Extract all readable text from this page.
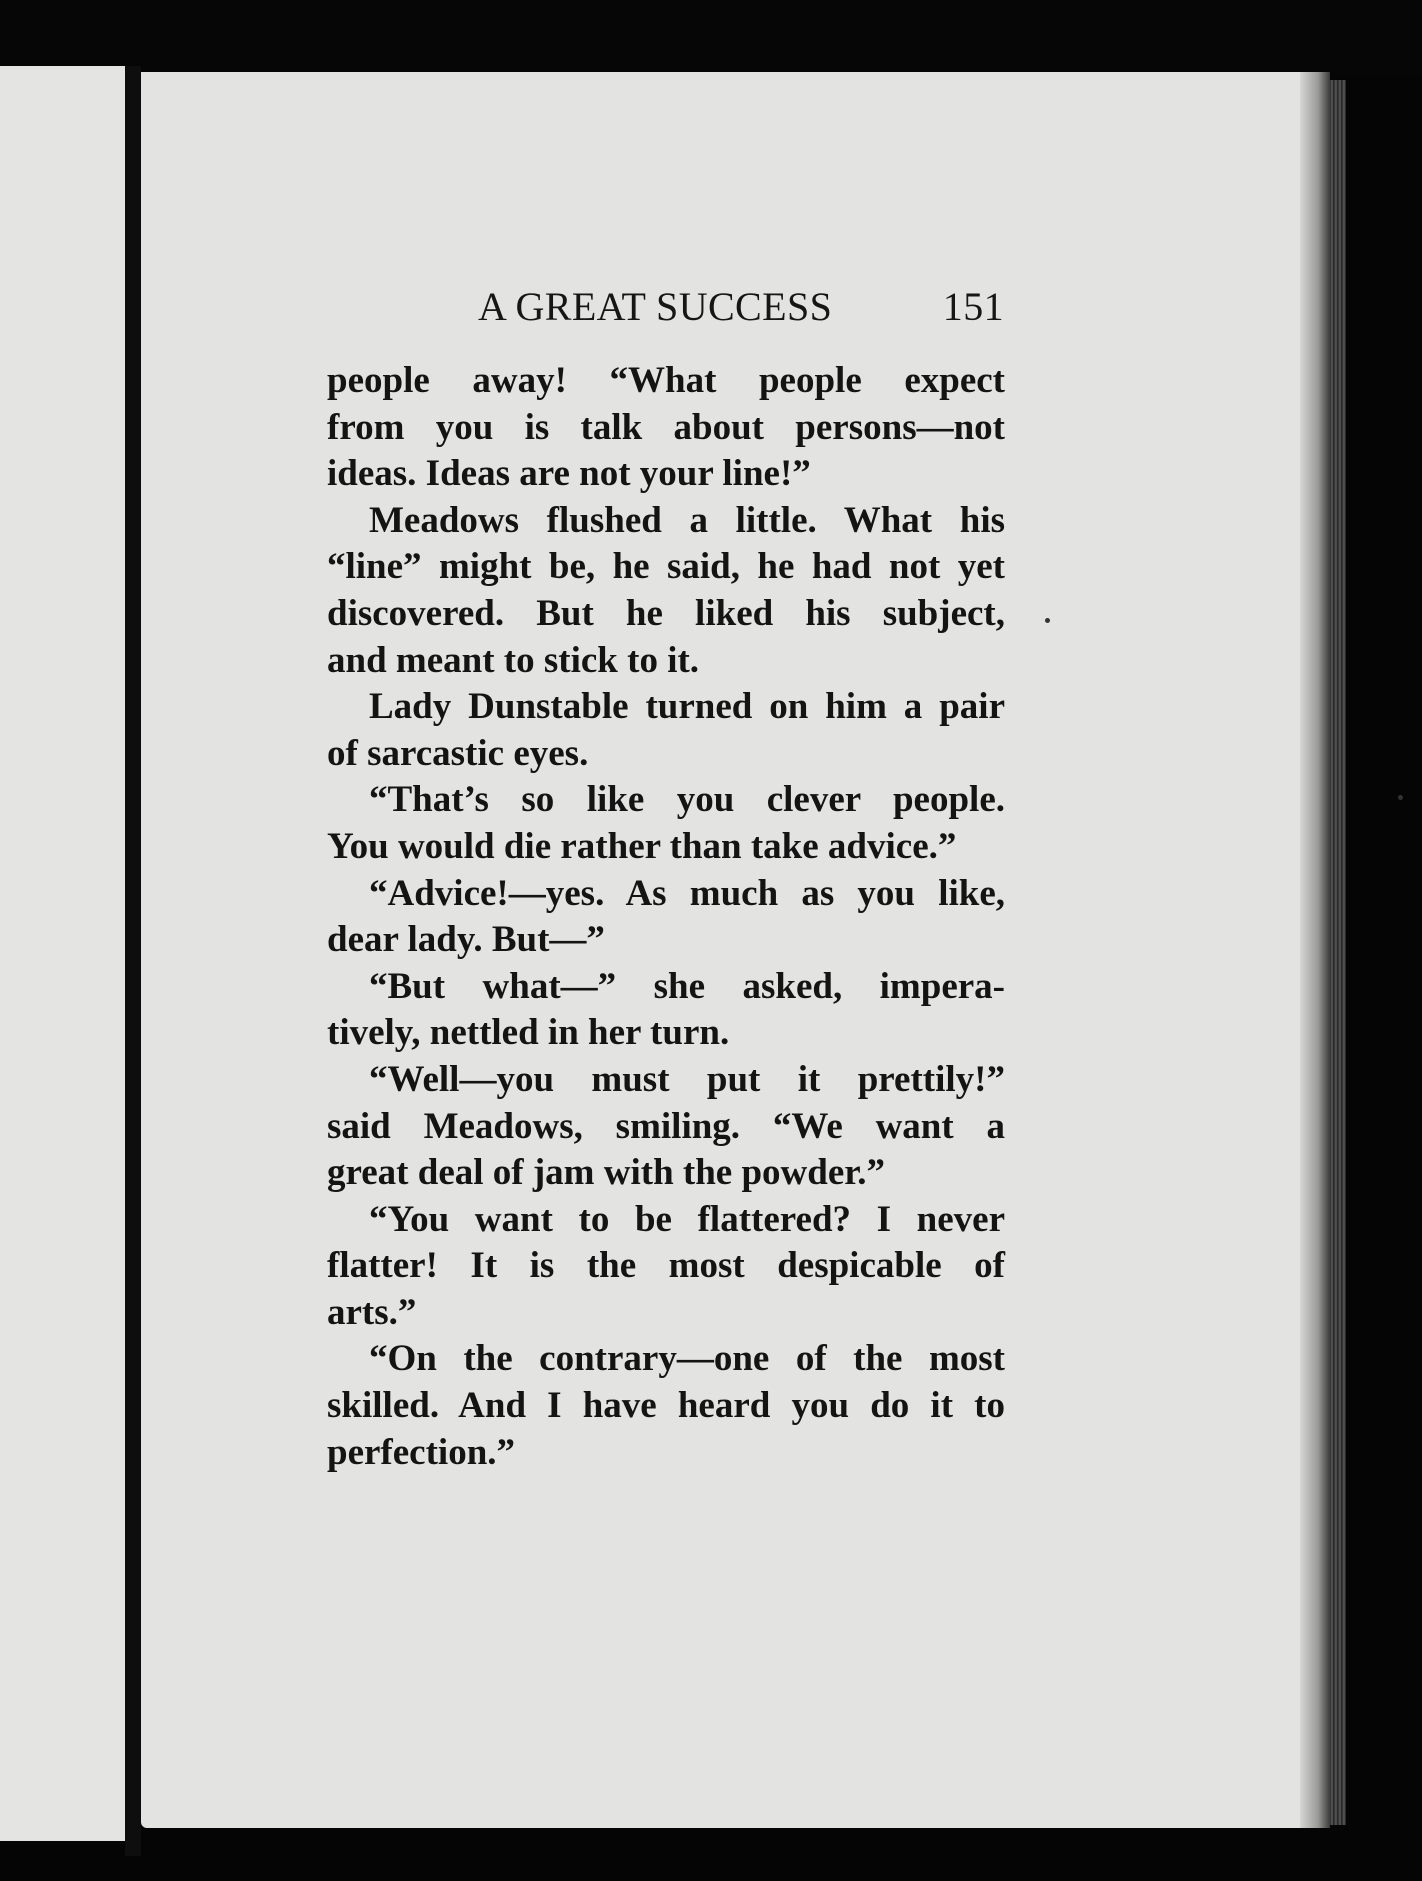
A GREAT SUCCESS	151
people away! “What people expect
from you is talk about persons—not
ideas. Ideas are not your line!”
Meadows flushed a little. What his
“line” might be, he said, he had not yet
discovered. But he liked his subject,
and meant to stick to it.
Lady Dunstable turned on him a pair
of sarcastic eyes.
“That’s so like you clever people.
You would die rather than take advice.”
“Advice!—yes. As much as you like,
dear lady. But—”
“But what—” she asked, impera-
tively, nettled in her turn.
“Well—you must put it prettily!”
said Meadows, smiling. “We want a
great deal of jam with the powder.”
“You want to be flattered? I never
flatter! It is the most despicable of
arts.”
“On the contrary—one of the most
skilled. And I have heard you do it to
perfection.”
